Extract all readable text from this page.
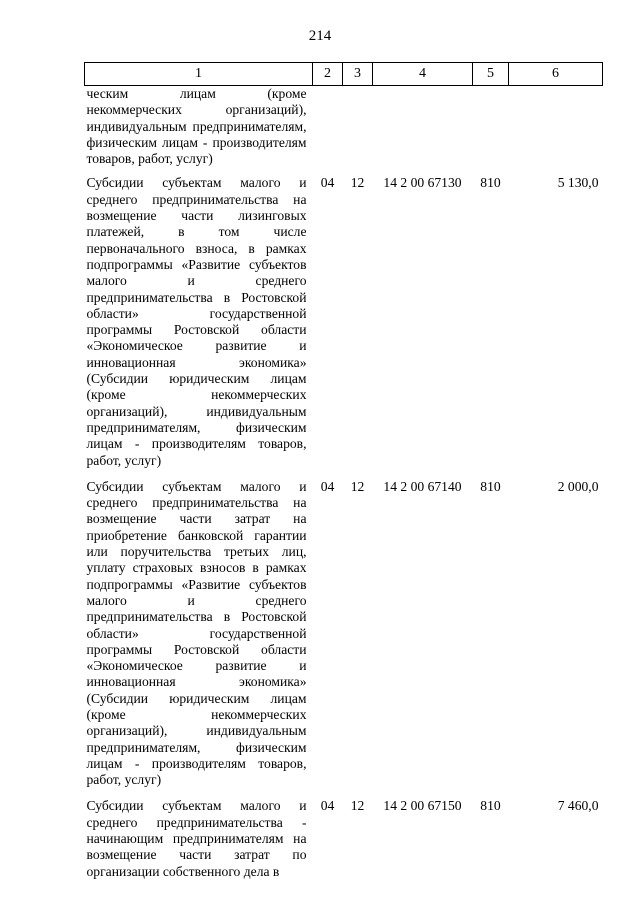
214
1	2	3	4	5	6
ческим лицам (кроме некоммерческих организаций), индивидуальным предпринимателям, физическим лицам - производителям товаров, работ, услуг)					
Субсидии субъектам малого и среднего предпринимательства на возмещение части лизинговых платежей, в том числе первоначального взноса, в рамках подпрограммы «Развитие субъектов малого и среднего предпринимательства в Ростовской области» государственной программы Ростовской области «Экономическое развитие и инновационная экономика» (Субсидии юридическим лицам (кроме некоммерческих организаций), индивидуальным предпринимателям, физическим лицам - производителям товаров, работ, услуг)	04	12	14 2 00 67130	810	5 130,0
Субсидии субъектам малого и среднего предпринимательства на возмещение части затрат на приобретение банковской гарантии или поручительства третьих лиц, уплату страховых взносов в рамках подпрограммы «Развитие субъектов малого и среднего предпринимательства в Ростовской области» государственной программы Ростовской области «Экономическое развитие и инновационная экономика» (Субсидии юридическим лицам (кроме некоммерческих организаций), индивидуальным предпринимателям, физическим лицам - производителям товаров, работ, услуг)	04	12	14 2 00 67140	810	2 000,0
Субсидии субъектам малого и среднего предпринимательства - начинающим предпринимателям на возмещение части затрат по организации собственного дела в	04	12	14 2 00 67150	810	7 460,0
